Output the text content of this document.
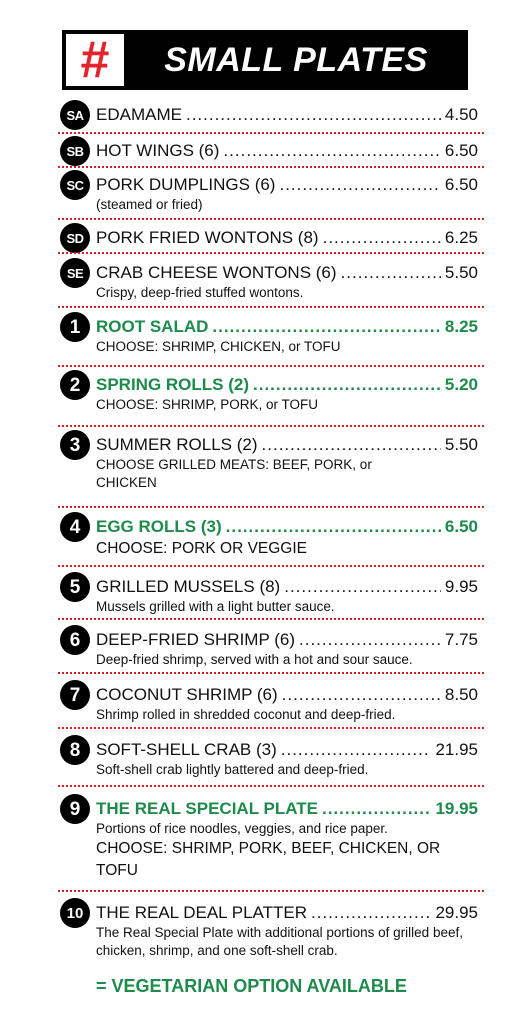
#	SMALL PLATES
SA EDAMAME .....	4.50
SB HOT WINGS (6) .....	6.50
SC PORK DUMPLINGS (6) .....	6.50
(steamed or fried)
SD PORK FRIED WONTONS (8) .....	6.25
SE CRAB CHEESE WONTONS (6) .....	5.50
Crispy, deep-fried stuffed wontons.
1 ROOT SALAD .....	8.25
CHOOSE: SHRIMP, CHICKEN, or TOFU
2 SPRING ROLLS (2) .....	5.20
CHOOSE: SHRIMP, PORK, or TOFU
3 SUMMER ROLLS (2) .....	5.50
CHOOSE GRILLED MEATS: BEEF, PORK, or CHICKEN
4 EGG ROLLS (3) .....	6.50
CHOOSE: PORK OR VEGGIE
5 GRILLED MUSSELS (8) .....	9.95
Mussels grilled with a light butter sauce.
6 DEEP-FRIED SHRIMP (6) .....	7.75
Deep-fried shrimp, served with a hot and sour sauce.
7 COCONUT SHRIMP (6) .....	8.50
Shrimp rolled in shredded coconut and deep-fried.
8 SOFT-SHELL CRAB (3) .....	21.95
Soft-shell crab lightly battered and deep-fried.
9 THE REAL SPECIAL PLATE .....	19.95
Portions of rice noodles, veggies, and rice paper.
CHOOSE: SHRIMP, PORK, BEEF, CHICKEN, OR TOFU
10 THE REAL DEAL PLATTER .....	29.95
The Real Special Plate with additional portions of grilled beef, chicken, shrimp, and one soft-shell crab.
= VEGETARIAN OPTION AVAILABLE
